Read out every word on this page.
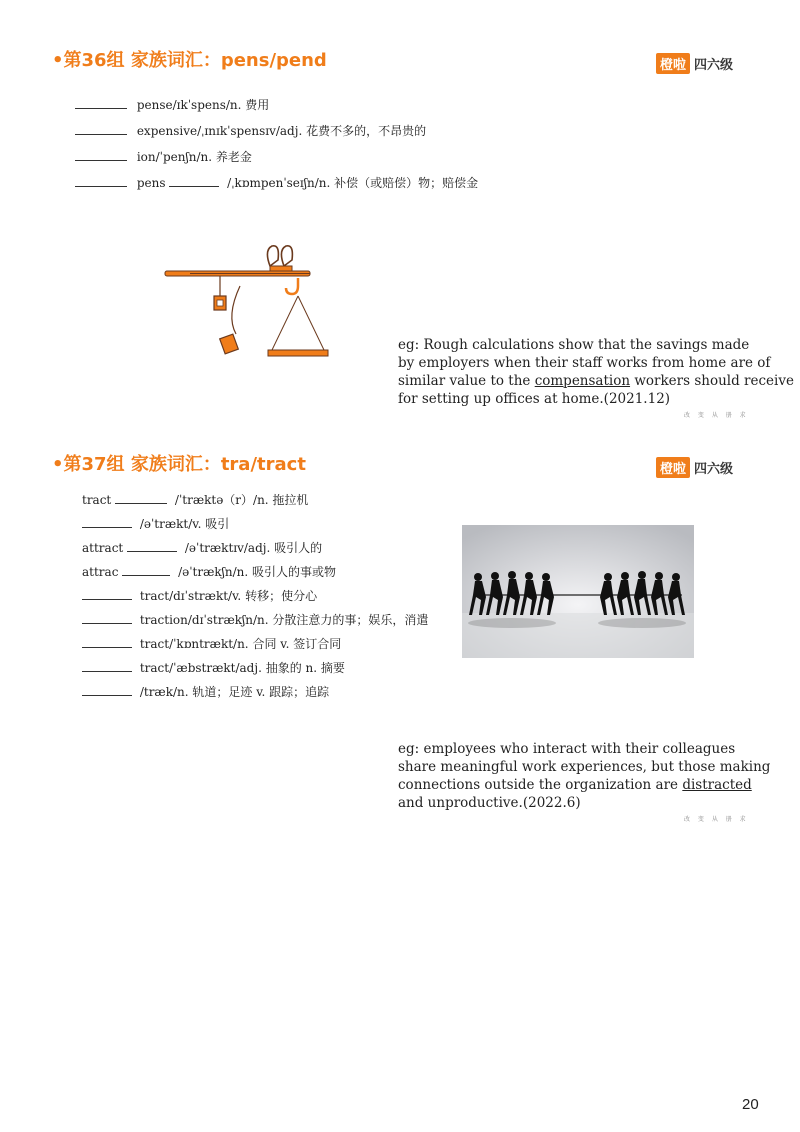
•第36组 家族词汇：pens/pend	橙啦 四六级
pense/ɪkˈspens/n. 费用
expensive/ˌɪnɪkˈspensɪv/adj. 花费不多的，不昂贵的
ion/ˈpenʃn/n. 养老金
pens	/ˌkɒmpenˈseɪʃn/n. 补偿（或赔偿）物；赔偿金

eg: Rough calculations show that the savings made

by employers when their staff works from home are of

similar value to the compensation workers should receive

for setting up offices at home.(2021.12)

改 变 从 册 求
•第37组 家族词汇：tra/tract	橙啦 四六级
tract	/ˈtræktə（r）/n. 拖拉机
/əˈtrækt/v. 吸引
attract	/əˈtræktɪv/adj. 吸引人的
attrac	/əˈtrækʃn/n. 吸引人的事或物
tract/dɪˈstrækt/v. 转移；使分心
traction/dɪˈstrækʃn/n. 分散注意力的事；娱乐，消遣
tract/ˈkɒntrækt/n. 合同 v. 签订合同
tract/ˈæbstrækt/adj. 抽象的 n. 摘要
/træk/n. 轨道；足迹 v. 跟踪；追踪

eg: employees who interact with their colleagues

share meaningful work experiences, but those making

connections outside the organization are distracted

and unproductive.(2022.6)

改 变 从 册 求
20
